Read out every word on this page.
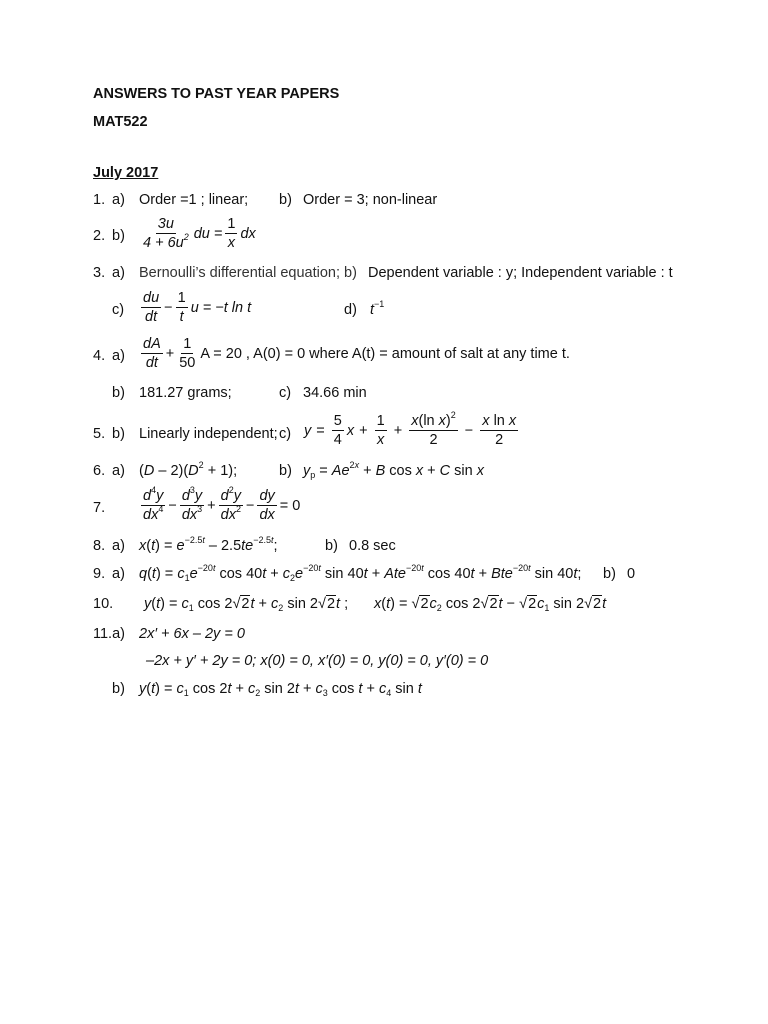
ANSWERS TO PAST YEAR PAPERS
MAT522
July 2017
1. a) Order =1 ; linear; b) Order = 3; non-linear
2. $b) \frac{3u}{4 + 6u^2}$ du = $\frac{1}{x}$ dx
3. a) Bernoulli’s differential equation; b) Dependent variable : y; Independent variable : t
$c) \frac{du}{dt} - \frac{1}{t}$ u = −t ln t	d) $t^{-1}$
4. $a) \frac{dA}{dt} + \frac{1}{50}$ A = 20 , A(0) = 0 where A(t) = amount of salt at any time t.
b) 181.27 grams;	c) 34.66 min
5. b) Linearly independent; c) $y = \frac{5}{4}$ $x + \frac{1}{x} + \frac{x(\ln x)^2}{2} - \frac{\text{x ln x}}{2}$
6. a) $(D - 2)(D^2 + 1)$;	b) $y_p = Ae^{2x} + B$ cos x + C sin x
7. $\frac{d^4y}{dx^4} - \frac{d^3y}{dx^3} + \frac{d^2y}{dx^2} - \frac{dy}{dx} = 0$
8. a) $x(t) = e^{-2.5t} - 2.5te^{-2.5t}$;	b) 0.8 sec
9. a) $q(t) = c_1e^{-20t}$ $\cos 40t + c_2e^{-20t}$ sin 40t + Ate$^{-20t}$ cos 40t + Bte$^{-20t}$ sin 40t; b) 0
10. $y(t) = c_1$ $\cos 2√2t + c_2$ sin 2√2t ; $x(t) = √2c_2$ $\cos 2√2t - √2c_1$ sin 2√2t
11.a) 2x′ + 6x – 2y = 0
–2x + y′ + 2y = 0; x(0) = 0, x′(0) = 0, y(0) = 0, y′(0) = 0
b) $y(t) = c_1$ $\cos 2t + c_2$ $\sin 2t + c_3$ $\cos t + c_4$ sin t
